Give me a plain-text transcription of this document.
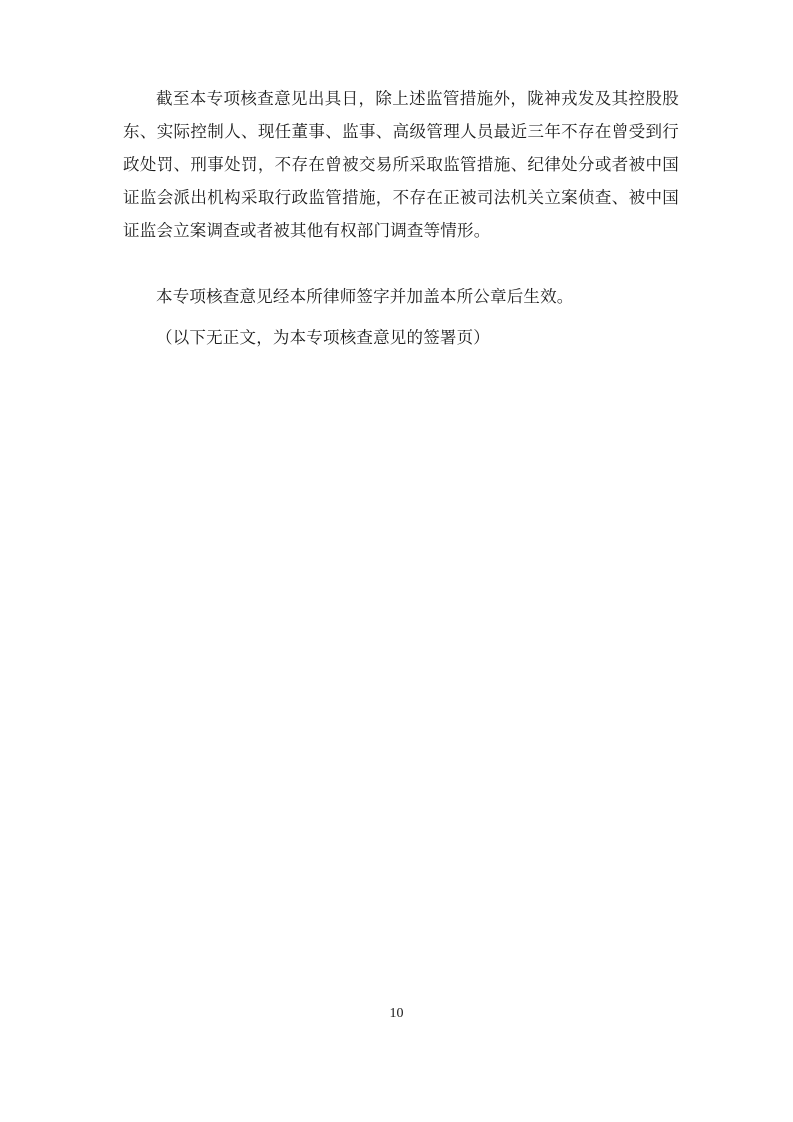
截至本专项核查意见出具日，除上述监管措施外，陇神戎发及其控股股东、实际控制人、现任董事、监事、高级管理人员最近三年不存在曾受到行政处罚、刑事处罚，不存在曾被交易所采取监管措施、纪律处分或者被中国证监会派出机构采取行政监管措施，不存在正被司法机关立案侦查、被中国证监会立案调查或者被其他有权部门调查等情形。

本专项核查意见经本所律师签字并加盖本所公章后生效。

（以下无正文，为本专项核查意见的签署页）

10
